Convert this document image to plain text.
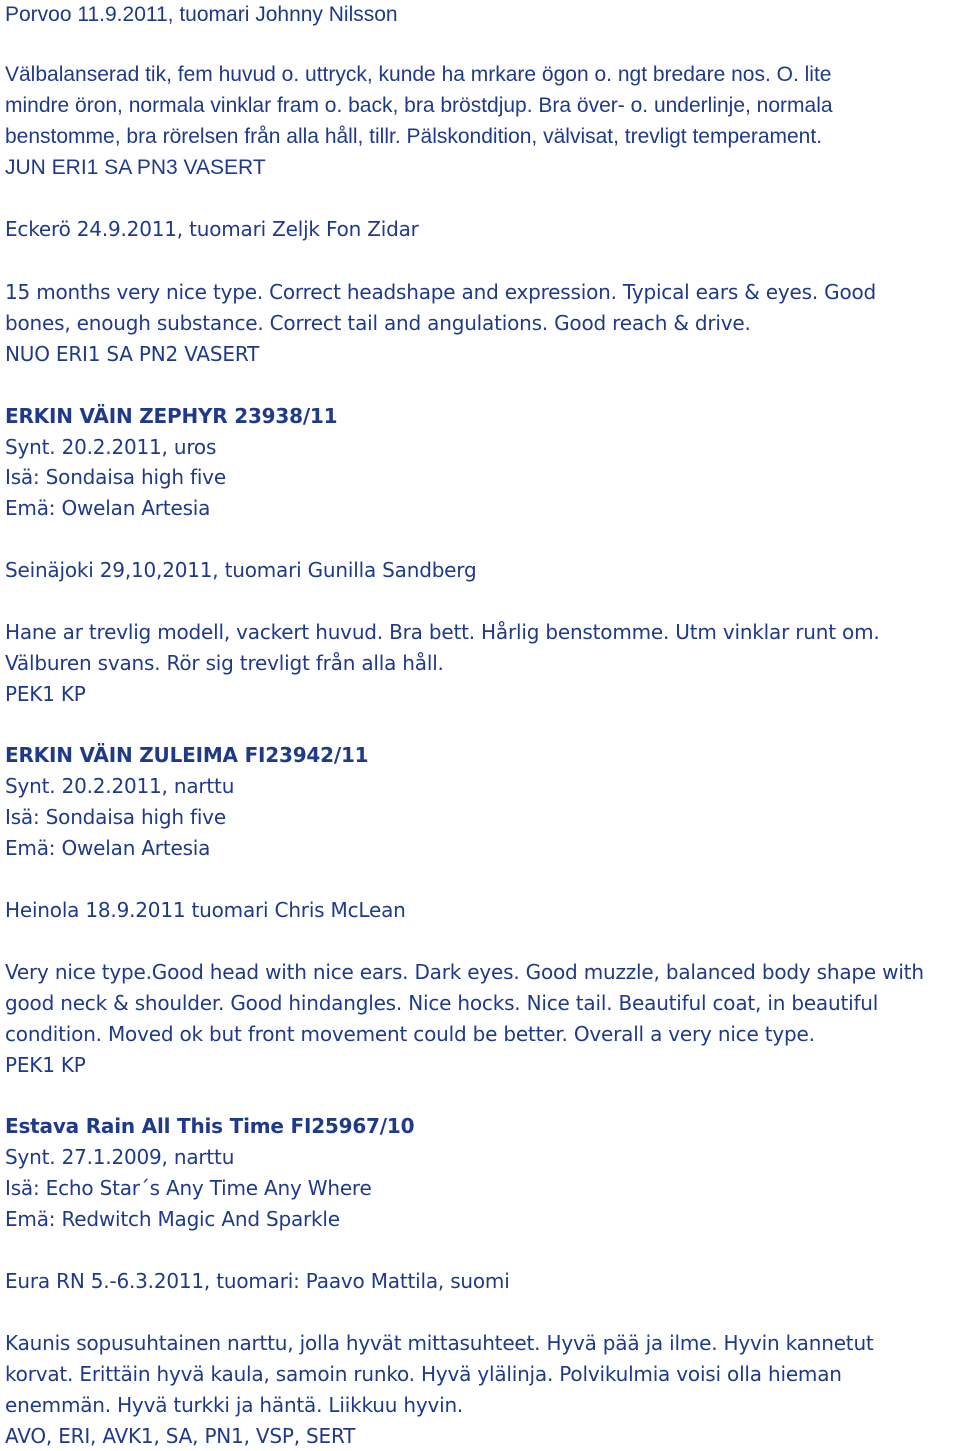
Porvoo 11.9.2011, tuomari Johnny Nilsson
Välbalanserad tik, fem huvud o. uttryck, kunde ha mrkare ögon o. ngt bredare nos. O. lite
mindre öron, normala vinklar fram o. back, bra bröstdjup. Bra över- o. underlinje, normala
benstomme, bra rörelsen från alla håll, tillr. Pälskondition, välvisat, trevligt temperament.
JUN ERI1 SA PN3 VASERT
Eckerö 24.9.2011, tuomari Zeljk Fon Zidar
15 months very nice type. Correct headshape and expression. Typical ears & eyes. Good
bones, enough substance. Correct tail and angulations. Good reach & drive.
NUO ERI1 SA PN2 VASERT
ERKIN VÄIN ZEPHYR 23938/11
Synt. 20.2.2011, uros
Isä: Sondaisa high five
Emä: Owelan Artesia
Seinäjoki 29,10,2011, tuomari Gunilla Sandberg
Hane ar trevlig modell, vackert huvud. Bra bett. Hårlig benstomme. Utm vinklar runt om.
Välburen svans. Rör sig trevligt från alla håll.
PEK1 KP
ERKIN VÄIN ZULEIMA FI23942/11
Synt. 20.2.2011, narttu
Isä: Sondaisa high five
Emä: Owelan Artesia
Heinola 18.9.2011 tuomari Chris McLean
Very nice type.Good head with nice ears. Dark eyes. Good muzzle, balanced body shape with
good neck & shoulder. Good hindangles. Nice hocks. Nice tail. Beautiful coat, in beautiful
condition. Moved ok but front movement could be better. Overall a very nice type.
PEK1 KP
Estava Rain All This Time FI25967/10
Synt. 27.1.2009, narttu
Isä: Echo Star´s Any Time Any Where
Emä: Redwitch Magic And Sparkle
Eura RN 5.-6.3.2011, tuomari: Paavo Mattila, suomi
Kaunis sopusuhtainen narttu, jolla hyvät mittasuhteet. Hyvä pää ja ilme. Hyvin kannetut
korvat. Erittäin hyvä kaula, samoin runko. Hyvä ylälinja. Polvikulmia voisi olla hieman
enemmän. Hyvä turkki ja häntä. Liikkuu hyvin.
AVO, ERI, AVK1, SA, PN1, VSP, SERT
